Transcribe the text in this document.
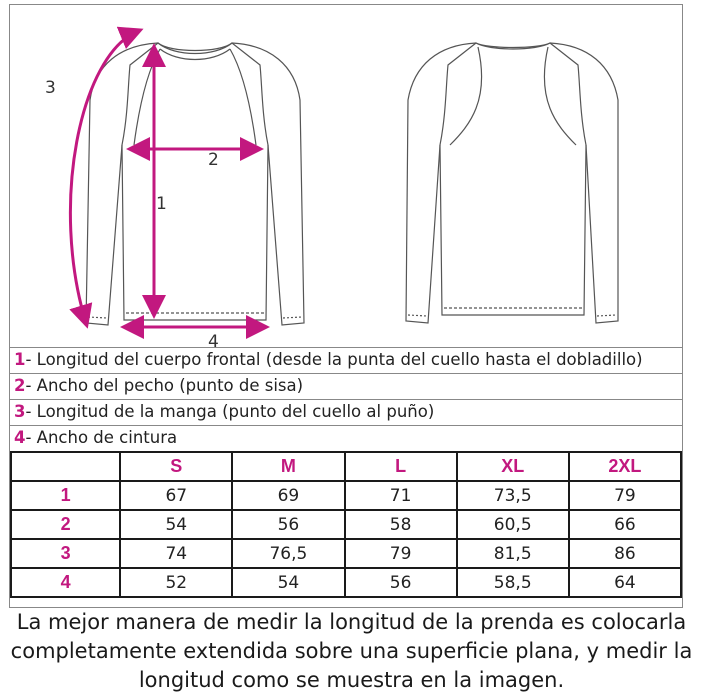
1
2
3
4
1- Longitud del cuerpo frontal (desde la punta del cuello hasta el dobladillo)
2- Ancho del pecho (punto de sisa)
3- Longitud de la manga (punto del cuello al puño)
4- Ancho de cintura
	S	M	L	XL	2XL
1	67	69	71	73,5	79
2	54	56	58	60,5	66
3	74	76,5	79	81,5	86
4	52	54	56	58,5	64
La mejor manera de medir la longitud de la prenda es colocarla
completamente extendida sobre una superficie plana, y medir la
longitud como se muestra en la imagen.
